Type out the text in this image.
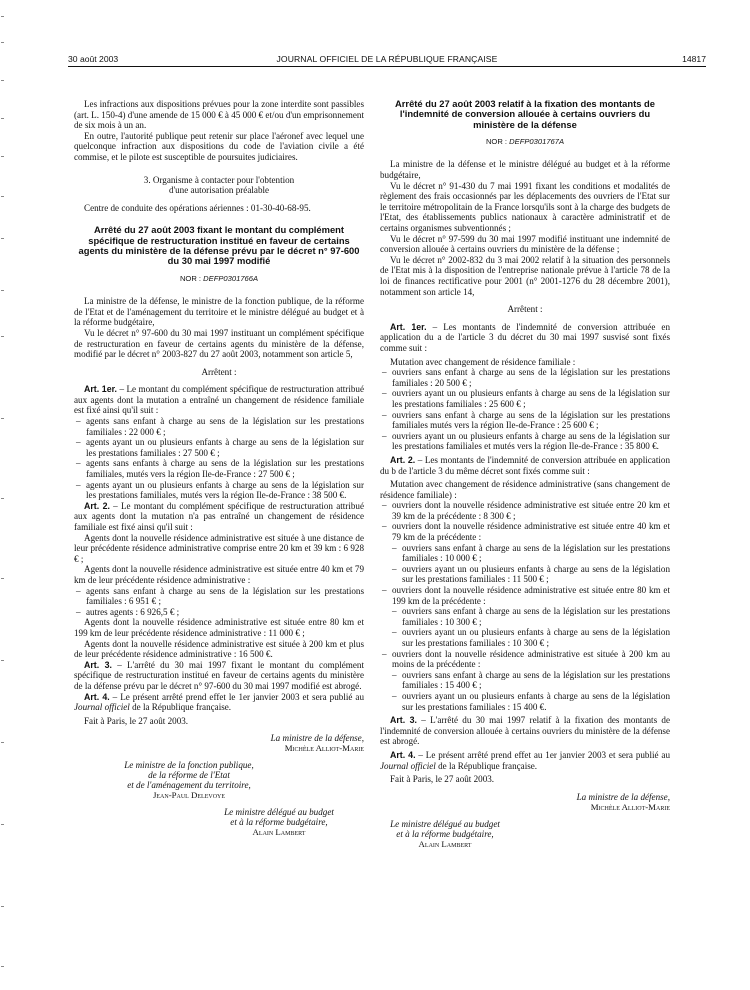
30 août 2003	JOURNAL OFFICIEL DE LA RÉPUBLIQUE FRANÇAISE	14817

Les infractions aux dispositions prévues pour la zone interdite sont passibles (art. L. 150-4) d'une amende de 15 000 € à 45 000 € et/ou d'un emprisonnement de six mois à un an.

En outre, l'autorité publique peut retenir sur place l'aéronef avec lequel une quelconque infraction aux dispositions du code de l'aviation civile a été commise, et le pilote est susceptible de poursuites judiciaires.

3. Organisme à contacter pour l'obtention

d'une autorisation préalable

Centre de conduite des opérations aériennes : 01-30-40-68-95.

Arrêté du 27 août 2003 fixant le montant du complément spécifique de restructuration institué en faveur de certains agents du ministère de la défense prévu par le décret n° 97-600 du 30 mai 1997 modifié

NOR : DEFP0301766A

La ministre de la défense, le ministre de la fonction publique, de la réforme de l'Etat et de l'aménagement du territoire et le ministre délégué au budget et à la réforme budgétaire,

Vu le décret n° 97-600 du 30 mai 1997 instituant un complément spécifique de restructuration en faveur de certains agents du ministère de la défense, modifié par le décret n° 2003-827 du 27 août 2003, notamment son article 5,

Arrêtent :

Art. 1er. – Le montant du complément spécifique de restructuration attribué aux agents dont la mutation a entraîné un changement de résidence familiale est fixé ainsi qu'il suit :

– agents sans enfant à charge au sens de la législation sur les prestations familiales : 22 000 € ;
– agents ayant un ou plusieurs enfants à charge au sens de la législation sur les prestations familiales : 27 500 € ;
– agents sans enfants à charge au sens de la législation sur les prestations familiales, mutés vers la région Ile-de-France : 27 500 € ;
– agents ayant un ou plusieurs enfants à charge au sens de la législation sur les prestations familiales, mutés vers la région Ile-de-France : 38 500 €.

Art. 2. – Le montant du complément spécifique de restructuration attribué aux agents dont la mutation n'a pas entraîné un changement de résidence familiale est fixé ainsi qu'il suit :

Agents dont la nouvelle résidence administrative est située à une distance de leur précédente résidence administrative comprise entre 20 km et 39 km : 6 928 € ;

Agents dont la nouvelle résidence administrative est située entre 40 km et 79 km de leur précédente résidence administrative :

– agents sans enfant à charge au sens de la législation sur les prestations familiales : 6 951 € ;
– autres agents : 6 926,5 € ;

Agents dont la nouvelle résidence administrative est située entre 80 km et 199 km de leur précédente résidence administrative : 11 000 € ;

Agents dont la nouvelle résidence administrative est située à 200 km et plus de leur précédente résidence administrative : 16 500 €.

Art. 3. – L'arrêté du 30 mai 1997 fixant le montant du complément spécifique de restructuration institué en faveur de certains agents du ministère de la défense prévu par le décret n° 97-600 du 30 mai 1997 modifié est abrogé.

Art. 4. – Le présent arrêté prend effet le 1er janvier 2003 et sera publié au Journal officiel de la République française.

Fait à Paris, le 27 août 2003.

La ministre de la défense,

Michèle Alliot-Marie

Le ministre de la fonction publique,
de la réforme de l'Etat
et de l'aménagement du territoire,
Jean-Paul Delevoye
Le ministre délégué au budget
et à la réforme budgétaire,
Alain Lambert

Arrêté du 27 août 2003 relatif à la fixation des montants de l'indemnité de conversion allouée à certains ouvriers du ministère de la défense

NOR : DEFP0301767A

La ministre de la défense et le ministre délégué au budget et à la réforme budgétaire,

Vu le décret n° 91-430 du 7 mai 1991 fixant les conditions et modalités de règlement des frais occasionnés par les déplacements des ouvriers de l'Etat sur le territoire métropolitain de la France lorsqu'ils sont à la charge des budgets de l'Etat, des établissements publics nationaux à caractère administratif et de certains organismes subventionnés ;

Vu le décret n° 97-599 du 30 mai 1997 modifié instituant une indemnité de conversion allouée à certains ouvriers du ministère de la défense ;

Vu le décret n° 2002-832 du 3 mai 2002 relatif à la situation des personnels de l'Etat mis à la disposition de l'entreprise nationale prévue à l'article 78 de la loi de finances rectificative pour 2001 (n° 2001-1276 du 28 décembre 2001), notamment son article 14,

Arrêtent :

Art. 1er. – Les montants de l'indemnité de conversion attribuée en application du a de l'article 3 du décret du 30 mai 1997 susvisé sont fixés comme suit :

Mutation avec changement de résidence familiale :

– ouvriers sans enfant à charge au sens de la législation sur les prestations familiales : 20 500 € ;
– ouvriers ayant un ou plusieurs enfants à charge au sens de la législation sur les prestations familiales : 25 600 € ;
– ouvriers sans enfant à charge au sens de la législation sur les prestations familiales mutés vers la région Ile-de-France : 25 600 € ;
– ouvriers ayant un ou plusieurs enfants à charge au sens de la législation sur les prestations familiales et mutés vers la région Ile-de-France : 35 800 €.

Art. 2. – Les montants de l'indemnité de conversion attribuée en application du b de l'article 3 du même décret sont fixés comme suit :

Mutation avec changement de résidence administrative (sans changement de résidence familiale) :

– ouvriers dont la nouvelle résidence administrative est située entre 20 km et 39 km de la précédente : 8 300 € ;
– ouvriers dont la nouvelle résidence administrative est située entre 40 km et 79 km de la précédente :
– ouvriers sans enfant à charge au sens de la législation sur les prestations familiales : 10 000 € ;
– ouvriers ayant un ou plusieurs enfants à charge au sens de la législation sur les prestations familiales : 11 500 € ;
– ouvriers dont la nouvelle résidence administrative est située entre 80 km et 199 km de la précédente :
– ouvriers sans enfant à charge au sens de la législation sur les prestations familiales : 10 300 € ;
– ouvriers ayant un ou plusieurs enfants à charge au sens de la législation sur les prestations familiales : 10 300 € ;
– ouvriers dont la nouvelle résidence administrative est située à 200 km au moins de la précédente :
– ouvriers sans enfant à charge au sens de la législation sur les prestations familiales : 15 400 € ;
– ouvriers ayant un ou plusieurs enfants à charge au sens de la législation sur les prestations familiales : 15 400 €.

Art. 3. – L'arrêté du 30 mai 1997 relatif à la fixation des montants de l'indemnité de conversion allouée à certains ouvriers du ministère de la défense est abrogé.

Art. 4. – Le présent arrêté prend effet au 1er janvier 2003 et sera publié au Journal officiel de la République française.

Fait à Paris, le 27 août 2003.

La ministre de la défense,

Michèle Alliot-Marie

Le ministre délégué au budget
et à la réforme budgétaire,
Alain Lambert
